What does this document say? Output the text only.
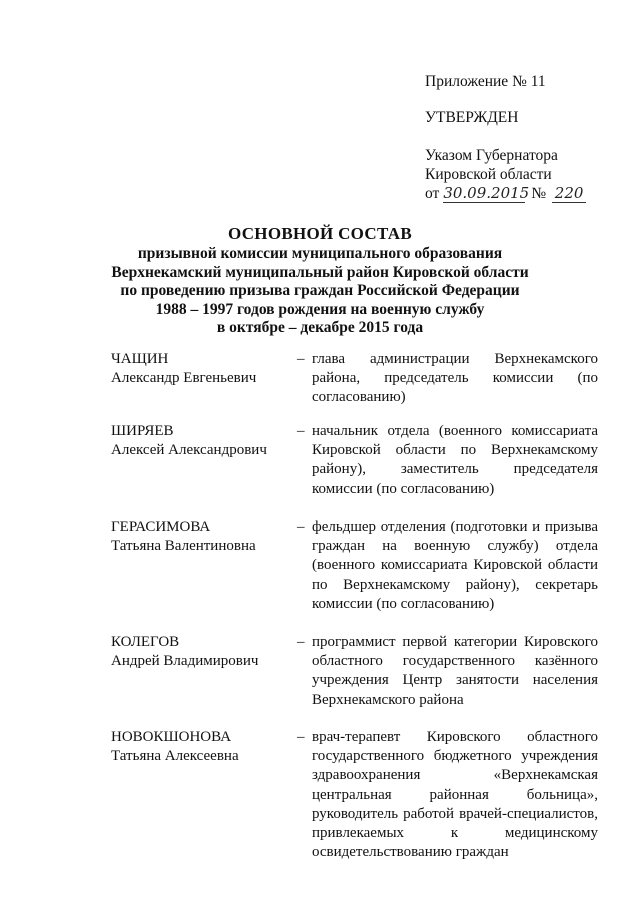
Приложение № 11
УТВЕРЖДЕН
Указом Губернатора
Кировской области
от 30.09.2015 № 220
ОСНОВНОЙ СОСТАВ
призывной комиссии муниципального образования
Верхнекамский муниципальный район Кировской области
по проведению призыва граждан Российской Федерации
1988 – 1997 годов рождения на военную службу
в октябре – декабре 2015 года
ЧАЩИН
Александр Евгеньевич
– глава администрации Верхнекамского района, председатель комиссии (по согласованию)
ШИРЯЕВ
Алексей Александрович
– начальник отдела (военного комиссариата Кировской области по Верхнекамскому району), заместитель председателя комиссии (по согласованию)
ГЕРАСИМОВА
Татьяна Валентиновна
– фельдшер отделения (подготовки и призыва граждан на военную службу) отдела (военного комиссариата Кировской области по Верхнекамскому району), секретарь комиссии (по согласованию)
КОЛЕГОВ
Андрей Владимирович
– программист первой категории Кировского областного государственного казённого учреждения Центр занятости населения Верхнекамского района
НОВОКШОНОВА
Татьяна Алексеевна
– врач-терапевт Кировского областного государственного бюджетного учреждения здравоохранения «Верхнекамская центральная районная больница», руководитель работой врачей-специалистов, привлекаемых к медицинскому освидетельствованию граждан
